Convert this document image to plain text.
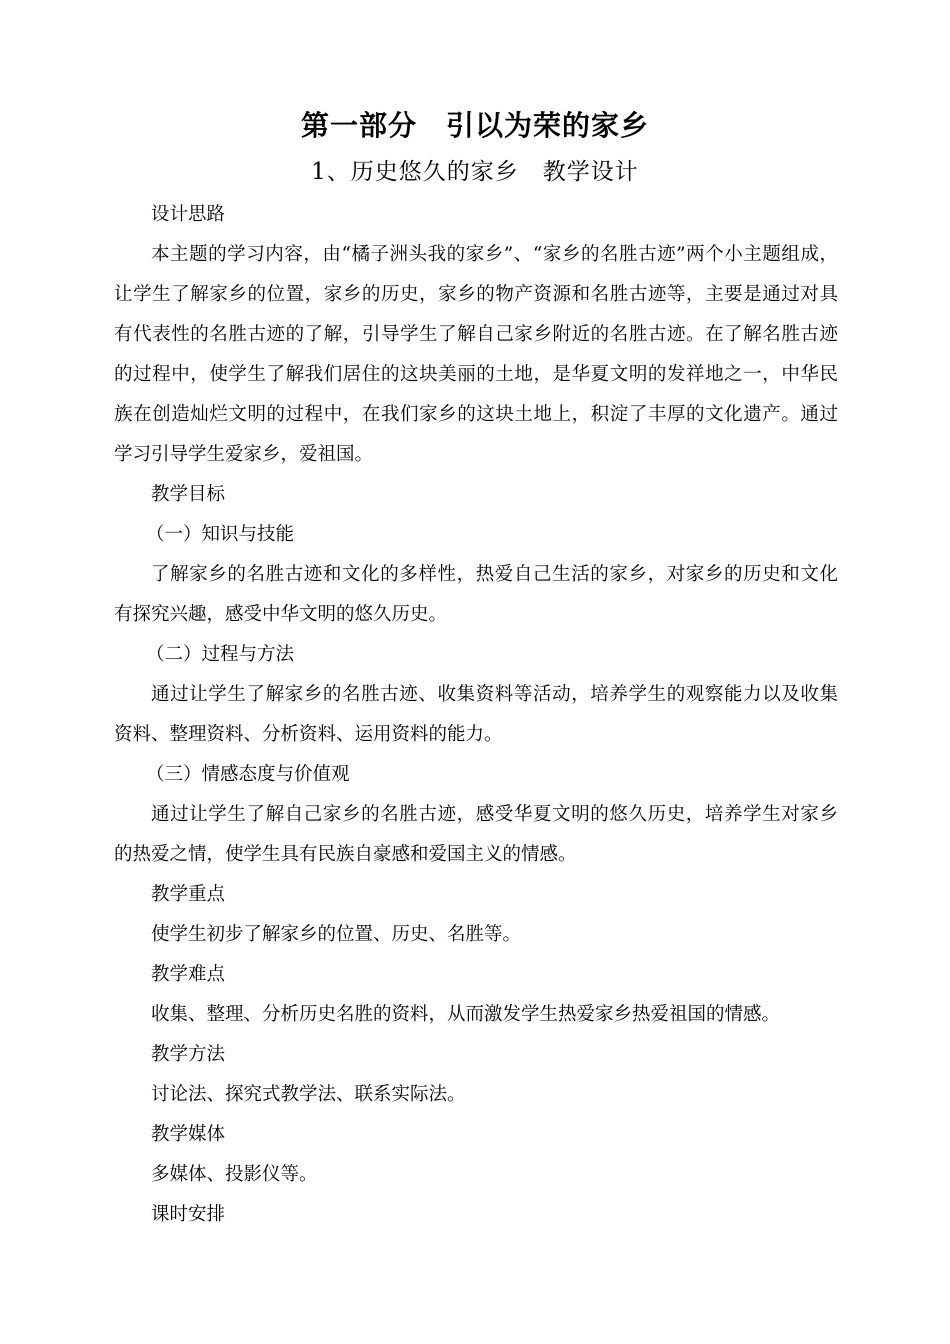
第一部分　引以为荣的家乡
1、历史悠久的家乡　教学设计
设计思路
本主题的学习内容，由“橘子洲头我的家乡”、“家乡的名胜古迹”两个小主题组成，
让学生了解家乡的位置，家乡的历史，家乡的物产资源和名胜古迹等，主要是通过对具
有代表性的名胜古迹的了解，引导学生了解自己家乡附近的名胜古迹。在了解名胜古迹
的过程中，使学生了解我们居住的这块美丽的土地，是华夏文明的发祥地之一，中华民
族在创造灿烂文明的过程中，在我们家乡的这块土地上，积淀了丰厚的文化遗产。通过
学习引导学生爱家乡，爱祖国。
教学目标
（一）知识与技能
了解家乡的名胜古迹和文化的多样性，热爱自己生活的家乡，对家乡的历史和文化
有探究兴趣，感受中华文明的悠久历史。
（二）过程与方法
通过让学生了解家乡的名胜古迹、收集资料等活动，培养学生的观察能力以及收集
资料、整理资料、分析资料、运用资料的能力。
（三）情感态度与价值观
通过让学生了解自己家乡的名胜古迹，感受华夏文明的悠久历史，培养学生对家乡
的热爱之情，使学生具有民族自豪感和爱国主义的情感。
教学重点
使学生初步了解家乡的位置、历史、名胜等。
教学难点
收集、整理、分析历史名胜的资料，从而激发学生热爱家乡热爱祖国的情感。
教学方法
讨论法、探究式教学法、联系实际法。
教学媒体
多媒体、投影仪等。
课时安排
